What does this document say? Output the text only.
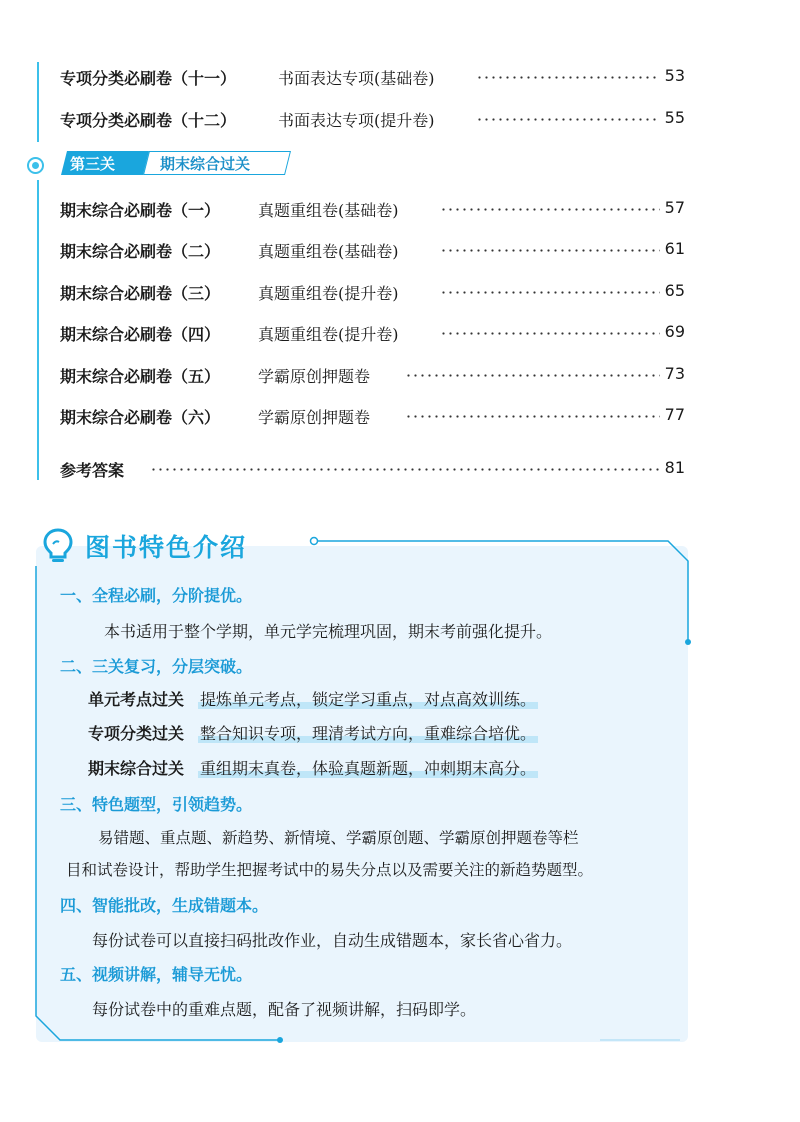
专项分类必刷卷（十一）	书面表达专项(基础卷)	53
专项分类必刷卷（十二）	书面表达专项(提升卷)	55
第三关	期末综合过关
期末综合必刷卷（一） 真题重组卷(基础卷)	57
期末综合必刷卷（二） 真题重组卷(基础卷)	61
期末综合必刷卷（三） 真题重组卷(提升卷)	65
期末综合必刷卷（四） 真题重组卷(提升卷)	69
期末综合必刷卷（五） 学霸原创押题卷	73
期末综合必刷卷（六） 学霸原创押题卷	77
参考答案	81
图书特色介绍
一、全程必刷，分阶提优。
本书适用于整个学期，单元学完梳理巩固，期末考前强化提升。
二、三关复习，分层突破。
单元考点过关 提炼单元考点，锁定学习重点，对点高效训练。
专项分类过关 整合知识专项，理清考试方向，重难综合培优。
期末综合过关 重组期末真卷，体验真题新题，冲刺期末高分。
三、特色题型，引领趋势。
易错题、重点题、新趋势、新情境、学霸原创题、学霸原创押题卷等栏
目和试卷设计，帮助学生把握考试中的易失分点以及需要关注的新趋势题型。
四、智能批改，生成错题本。
每份试卷可以直接扫码批改作业，自动生成错题本，家长省心省力。
五、视频讲解，辅导无忧。
每份试卷中的重难点题，配备了视频讲解，扫码即学。
